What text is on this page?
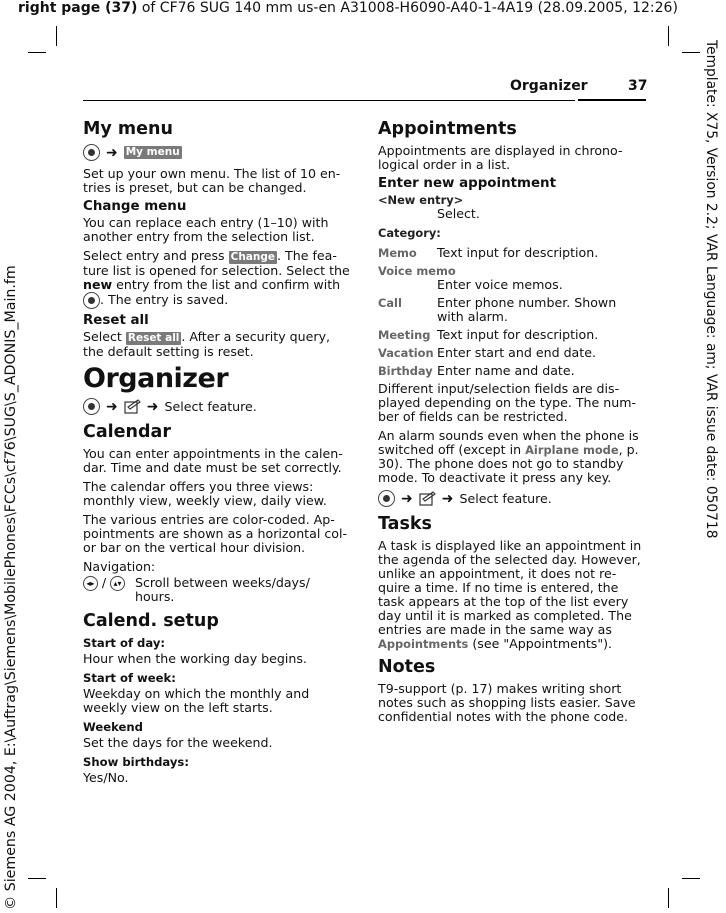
right page (37) of CF76 SUG 140 mm us-en A31008-H6090-A40-1-4A19 (28.09.2005, 12:26)
Template: X75, Version 2.2; VAR Language: am; VAR issue date: 050718
© Siemens AG 2004, E:\Auftrag\Siemens\MobilePhones\FCCs\cf76\SUG\S_ADONIS_Main.fm
Organizer	37
My menu
➜ My menu

Set up your own menu. The list of 10 en-tries is preset, but can be changed.

Change menu

You can replace each entry (1–10) with another entry from the selection list.

Select entry and press Change . The fea-ture list is opened for selection. Select the new entry from the list and confirm with . The entry is saved.

Reset all

Select Reset all . After a security query, the default setting is reset.

Organizer
➜ ➜ Select feature.
Calendar

You can enter appointments in the calen-dar. Time and date must be set correctly.

The calendar offers you three views: monthly view, weekly view, daily view.

The various entries are color-coded. Ap-pointments are shown as a horizontal col-or bar on the vertical hour division.

Navigation:

◂▸ / ▴▾ Scroll between weeks/days/ hours.
Calend. setup
Start of day:

Hour when the working day begins.

Start of week:

Weekday on which the monthly and weekly view on the left starts.

Weekend

Set the days for the weekend.

Show birthdays:

Yes/No.

Appointments

Appointments are displayed in chrono-logical order in a list.

Enter new appointment
<New entry>

Select.

Category:
Memo	Text input for description.
Voice memo
Enter voice memos.
Call	Enter phone number. Shown with alarm.
Meeting Text input for description.
Vacation Enter start and end date.
Birthday Enter name and date.

Different input/selection fields are dis-played depending on the type. The num-ber of fields can be restricted.

An alarm sounds even when the phone is switched off (except in Airplane mode, p. 30). The phone does not go to standby mode. To deactivate it press any key.

➜ ➜ Select feature.
Tasks

A task is displayed like an appointment in the agenda of the selected day. However, unlike an appointment, it does not re-quire a time. If no time is entered, the task appears at the top of the list every day until it is marked as completed. The entries are made in the same way as Appointments (see "Appointments").

Notes

T9-support (p. 17) makes writing short notes such as shopping lists easier. Save confidential notes with the phone code.
